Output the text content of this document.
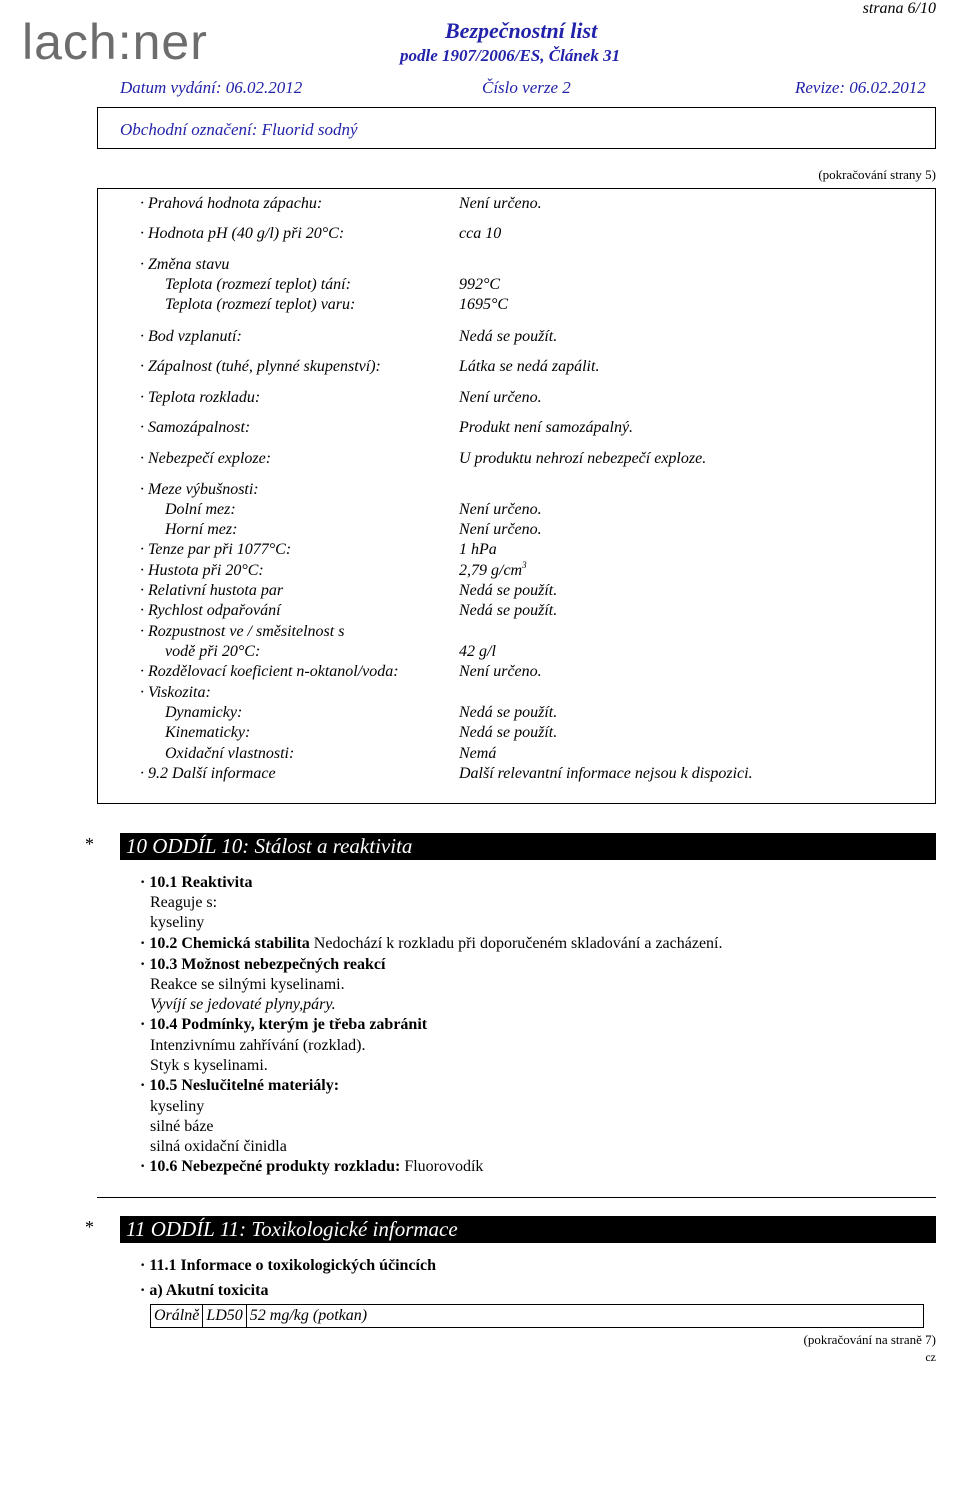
strana 6/10
lach:ner	Bezpečnostní list
podle 1907/2006/ES, Článek 31
Datum vydání: 06.02.2012	Číslo verze 2	Revize: 06.02.2012
Obchodní označení: Fluorid sodný
(pokračování strany 5)
· Prahová hodnota zápachu:	Není určeno.
· Hodnota pH (40 g/l) při 20°C:	cca 10
· Změna stavu
Teplota (rozmezí teplot) tání:	992°C
Teplota (rozmezí teplot) varu:	1695°C
· Bod vzplanutí:	Nedá se použít.
· Zápalnost (tuhé, plynné skupenství):	Látka se nedá zapálit.
· Teplota rozkladu:	Není určeno.
· Samozápalnost:	Produkt není samozápalný.
· Nebezpečí exploze:	U produktu nehrozí nebezpečí exploze.
· Meze výbušnosti:
Dolní mez:	Není určeno.
Horní mez:	Není určeno.
· Tenze par při 1077°C:	1 hPa
· Hustota při 20°C:	2,79 $g/cm^3$
· Relativní hustota par	Nedá se použít.
· Rychlost odpařování	Nedá se použít.
· Rozpustnost ve / směsitelnost s
vodě při 20°C:	42 g/l
· Rozdělovací koeficient n-oktanol/voda:	Není určeno.
· Viskozita:
Dynamicky:	Nedá se použít.
Kinematicky:	Nedá se použít.
Oxidační vlastnosti:	Nemá
· 9.2 Další informace	Další relevantní informace nejsou k dispozici.
* 10 ODDÍL 10: Stálost a reaktivita
· 10.1 Reaktivita
Reaguje s:
kyseliny
· 10.2 Chemická stabilita Nedochází k rozkladu při doporučeném skladování a zacházení.
· 10.3 Možnost nebezpečných reakcí
Reakce se silnými kyselinami.
Vyvíjí se jedovaté plyny,páry.
· 10.4 Podmínky, kterým je třeba zabránit
Intenzivnímu zahřívání (rozklad).
Styk s kyselinami.
· 10.5 Neslučitelné materiály:
kyseliny
silné báze
silná oxidační činidla
· 10.6 Nebezpečné produkty rozkladu: Fluorovodík
* 11 ODDÍL 11: Toxikologické informace
· 11.1 Informace o toxikologických účincích
· a) Akutní toxicita
Orálně	LD50	52 mg/kg (potkan)
(pokračování na straně 7)
cz
